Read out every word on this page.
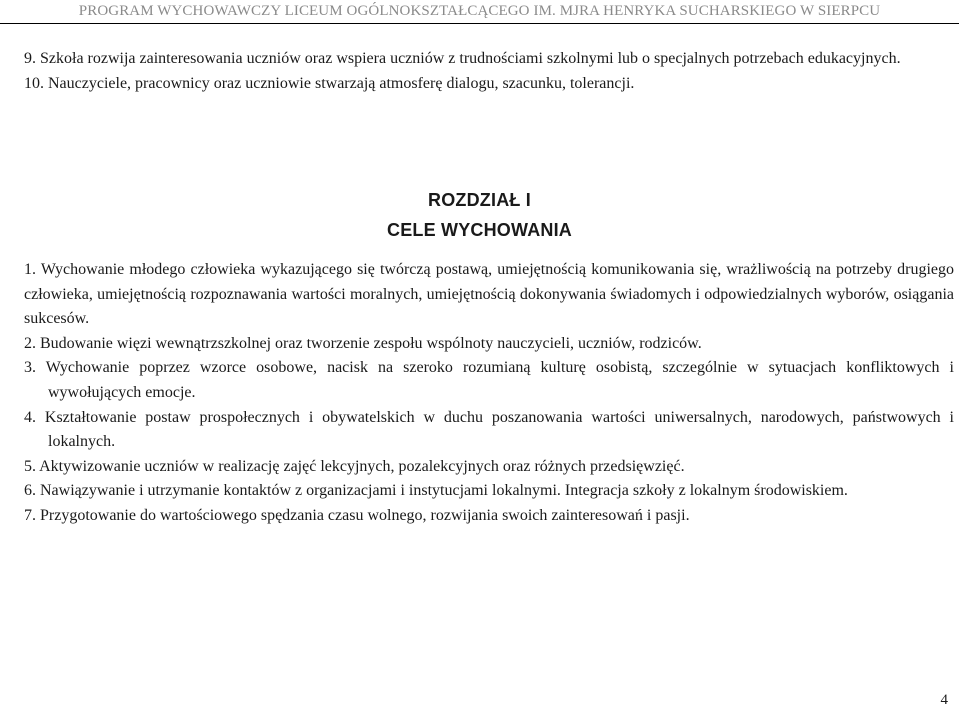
PROGRAM WYCHOWAWCZY LICEUM OGÓLNOKSZTAŁCĄCEGO IM. MJRA HENRYKA SUCHARSKIEGO W SIERPCU

9. Szkoła rozwija zainteresowania uczniów oraz wspiera uczniów z trudnościami szkolnymi lub o specjalnych potrzebach edukacyjnych.

10. Nauczyciele, pracownicy oraz uczniowie stwarzają atmosferę dialogu, szacunku, tolerancji.

ROZDZIAŁ I
CELE WYCHOWANIA

1. Wychowanie młodego człowieka wykazującego się twórczą postawą, umiejętnością komunikowania się, wrażliwością na potrzeby drugiego człowieka, umiejętnością rozpoznawania wartości moralnych, umiejętnością dokonywania świadomych i odpowiedzialnych wyborów, osiągania sukcesów.

2. Budowanie więzi wewnątrzszkolnej oraz tworzenie zespołu wspólnoty nauczycieli, uczniów, rodziców.

3. Wychowanie poprzez wzorce osobowe, nacisk na szeroko rozumianą kulturę osobistą, szczególnie w sytuacjach konfliktowych i wywołujących emocje.

4. Kształtowanie postaw prospołecznych i obywatelskich w duchu poszanowania wartości uniwersalnych, narodowych, państwowych i lokalnych.

5. Aktywizowanie uczniów w realizację zajęć lekcyjnych, pozalekcyjnych oraz różnych przedsięwzięć.

6. Nawiązywanie i utrzymanie kontaktów z organizacjami i instytucjami lokalnymi. Integracja szkoły z lokalnym środowiskiem.

7. Przygotowanie do wartościowego spędzania czasu wolnego, rozwijania swoich zainteresowań i pasji.

4
